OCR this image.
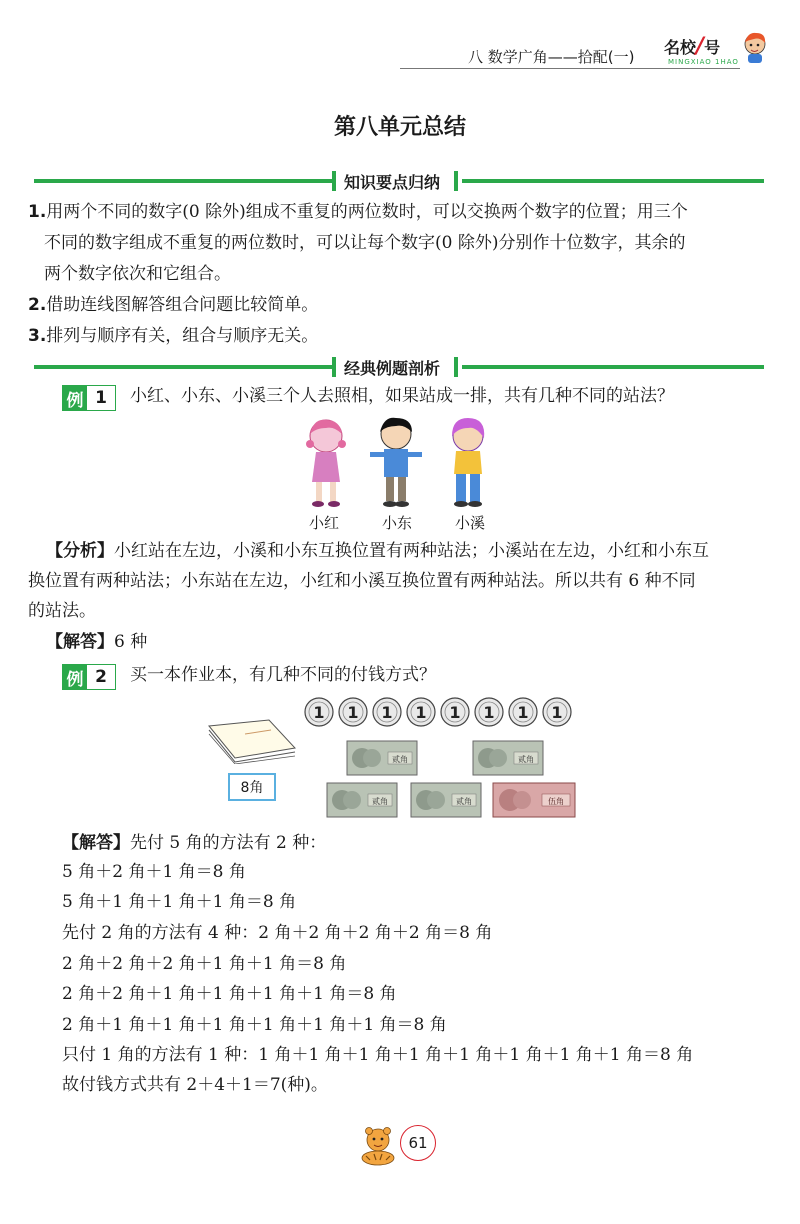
八 数学广角——拾配(一) 名校/号
MINGXIAO 1HAO
第八单元总结
知识要点归纳
1.用两个不同的数字(0 除外)组成不重复的两位数时，可以交换两个数字的位置；用三个
不同的数字组成不重复的两位数时，可以让每个数字(0 除外)分别作十位数字，其余的
两个数字依次和它组合。
2.借助连线图解答组合问题比较简单。
3.排列与顺序有关，组合与顺序无关。
经典例题剖析
例 1	小红、小东、小溪三个人去照相，如果站成一排，共有几种不同的站法？
小红	小东	小溪
【分析】小红站在左边，小溪和小东互换位置有两种站法；小溪站在左边，小红和小东互
换位置有两种站法；小东站在左边，小红和小溪互换位置有两种站法。所以共有 6 种不同
的站法。
【解答】6 种
例 2	买一本作业本，有几种不同的付钱方式？
8角
1 1 1 1 1 1 1 1
贰角	贰角
贰角	贰角	伍角
【解答】先付 5 角的方法有 2 种：
5 角＋2 角＋1 角＝8 角
5 角＋1 角＋1 角＋1 角＝8 角
先付 2 角的方法有 4 种：2 角＋2 角＋2 角＋2 角＝8 角
2 角＋2 角＋2 角＋1 角＋1 角＝8 角
2 角＋2 角＋1 角＋1 角＋1 角＋1 角＝8 角
2 角＋1 角＋1 角＋1 角＋1 角＋1 角＋1 角＝8 角
只付 1 角的方法有 1 种：1 角＋1 角＋1 角＋1 角＋1 角＋1 角＋1 角＋1 角＝8 角
故付钱方式共有 2＋4＋1＝7(种)。
61
